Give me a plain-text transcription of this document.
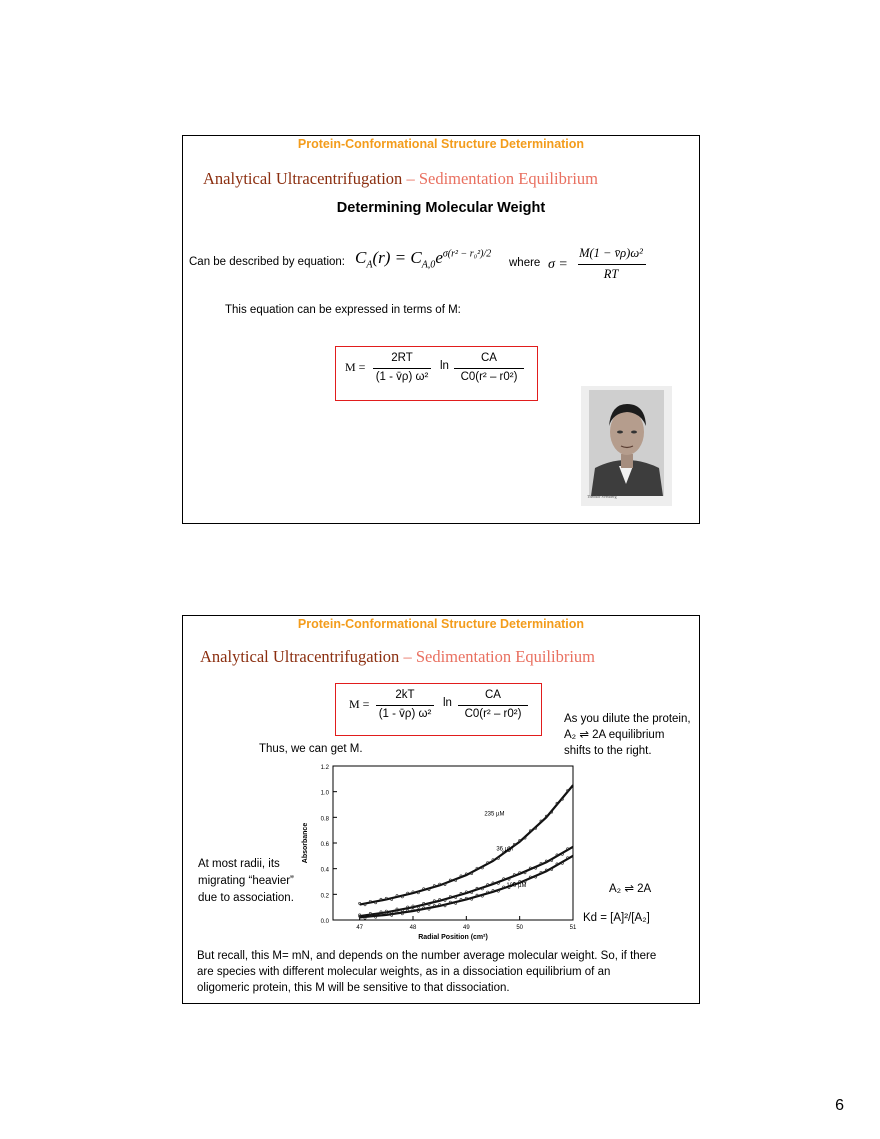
Protein-Conformational Structure Determination
Analytical Ultracentrifugation – Sedimentation Equilibrium
Determining Molecular Weight
Can be described by equation: $C_A(r) = C_{A,0}e^{\sigma(r^2 - r_0^2)/2}$
where σ =
M(1 − v̄ρ)ω²
RT
This equation can be expressed in terms of M:
M =
2RT
(1 - v̄ρ) ω²
ln
CA
C0(r² – r0²)
Theodor Svedberg
Protein-Conformational Structure Determination
Analytical Ultracentrifugation – Sedimentation Equilibrium
M =
2kT
(1 - v̄ρ) ω²
ln
CA
C0(r² – r0²)	As you dilute the protein,
A₂ ⇌ 2A equilibrium
shifts to the right.
Thus, we can get M.
At most radii, its
migrating “heavier”
due to association.
A₂ ⇌ 2A
Kd = [A]²/[A₂]
0.0
0.2
0.4
0.6
0.8
1.0
1.2
47	48	49	50	51
Radial Position (cm²)
Absorbance
235 µM
36 µM
100 µM
But recall, this M= mN, and depends on the number average molecular weight. So, if there
are species with different molecular weights, as in a dissociation equilibrium of an
oligomeric protein, this M will be sensitive to that dissociation.
6
